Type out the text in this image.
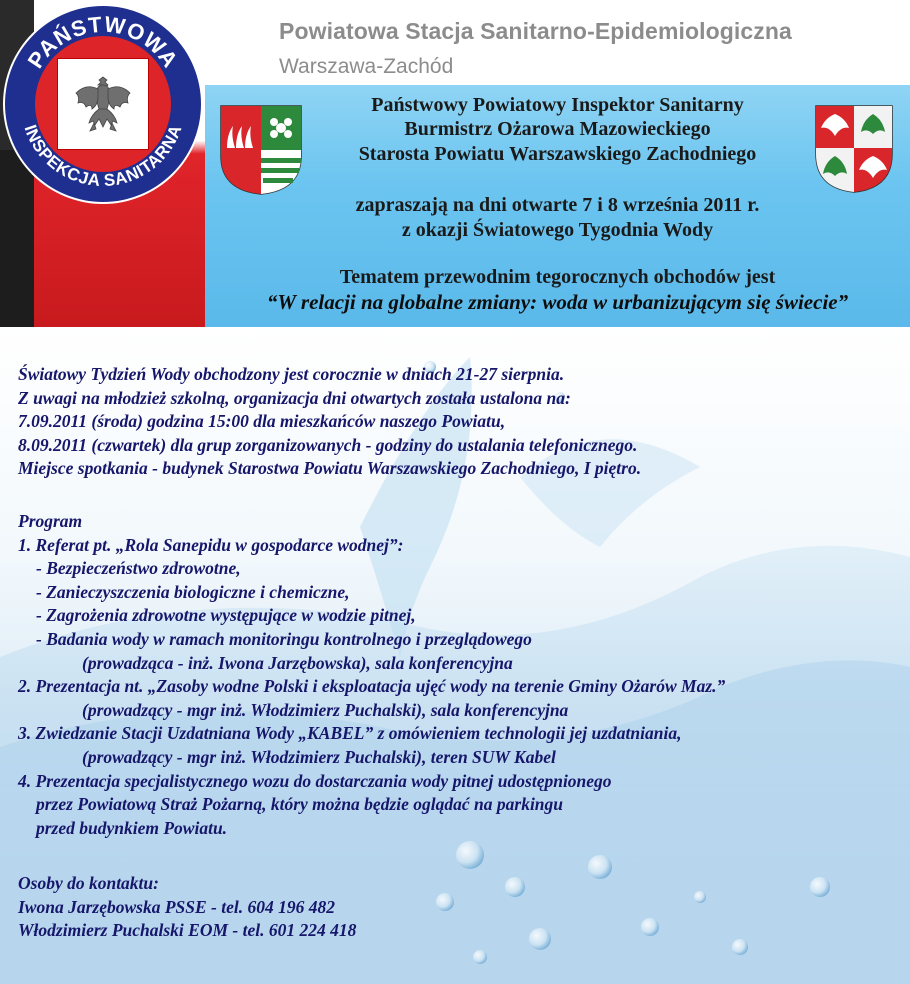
PAŃSTWOWA
INSPEKCJA SANITARNA
Powiatowa Stacja Sanitarno-Epidemiologiczna
Warszawa-Zachód
Państwowy Powiatowy Inspektor Sanitarny
Burmistrz Ożarowa Mazowieckiego
Starosta Powiatu Warszawskiego Zachodniego
zapraszają na dni otwarte 7 i 8 września 2011 r.
z okazji Światowego Tygodnia Wody
Tematem przewodnim tegorocznych obchodów jest
“W relacji na globalne zmiany: woda w urbanizującym się świecie”
Światowy Tydzień Wody obchodzony jest corocznie w dniach 21-27 sierpnia.
Z uwagi na młodzież szkolną, organizacja dni otwartych została ustalona na:
7.09.2011 (środa) godzina 15:00 dla mieszkańców naszego Powiatu,
8.09.2011 (czwartek) dla grup zorganizowanych - godziny do ustalania telefonicznego.
Miejsce spotkania - budynek Starostwa Powiatu Warszawskiego Zachodniego, I piętro.
Program
1. Referat pt. „Rola Sanepidu w gospodarce wodnej”:
- Bezpieczeństwo zdrowotne,
- Zanieczyszczenia biologiczne i chemiczne,
- Zagrożenia zdrowotne występujące w wodzie pitnej,
- Badania wody w ramach monitoringu kontrolnego i przeglądowego
(prowadząca - inż. Iwona Jarzębowska), sala konferencyjna
2. Prezentacja nt. „Zasoby wodne Polski i eksploatacja ujęć wody na terenie Gminy Ożarów Maz.”
(prowadzący - mgr inż. Włodzimierz Puchalski), sala konferencyjna
3. Zwiedzanie Stacji Uzdatniana Wody „KABEL” z omówieniem technologii jej uzdatniania,
(prowadzący - mgr inż. Włodzimierz Puchalski), teren SUW Kabel
4. Prezentacja specjalistycznego wozu do dostarczania wody pitnej udostępnionego
przez Powiatową Straż Pożarną, który można będzie oglądać na parkingu
przed budynkiem Powiatu.
Osoby do kontaktu:
Iwona Jarzębowska PSSE - tel. 604 196 482
Włodzimierz Puchalski EOM - tel. 601 224 418
